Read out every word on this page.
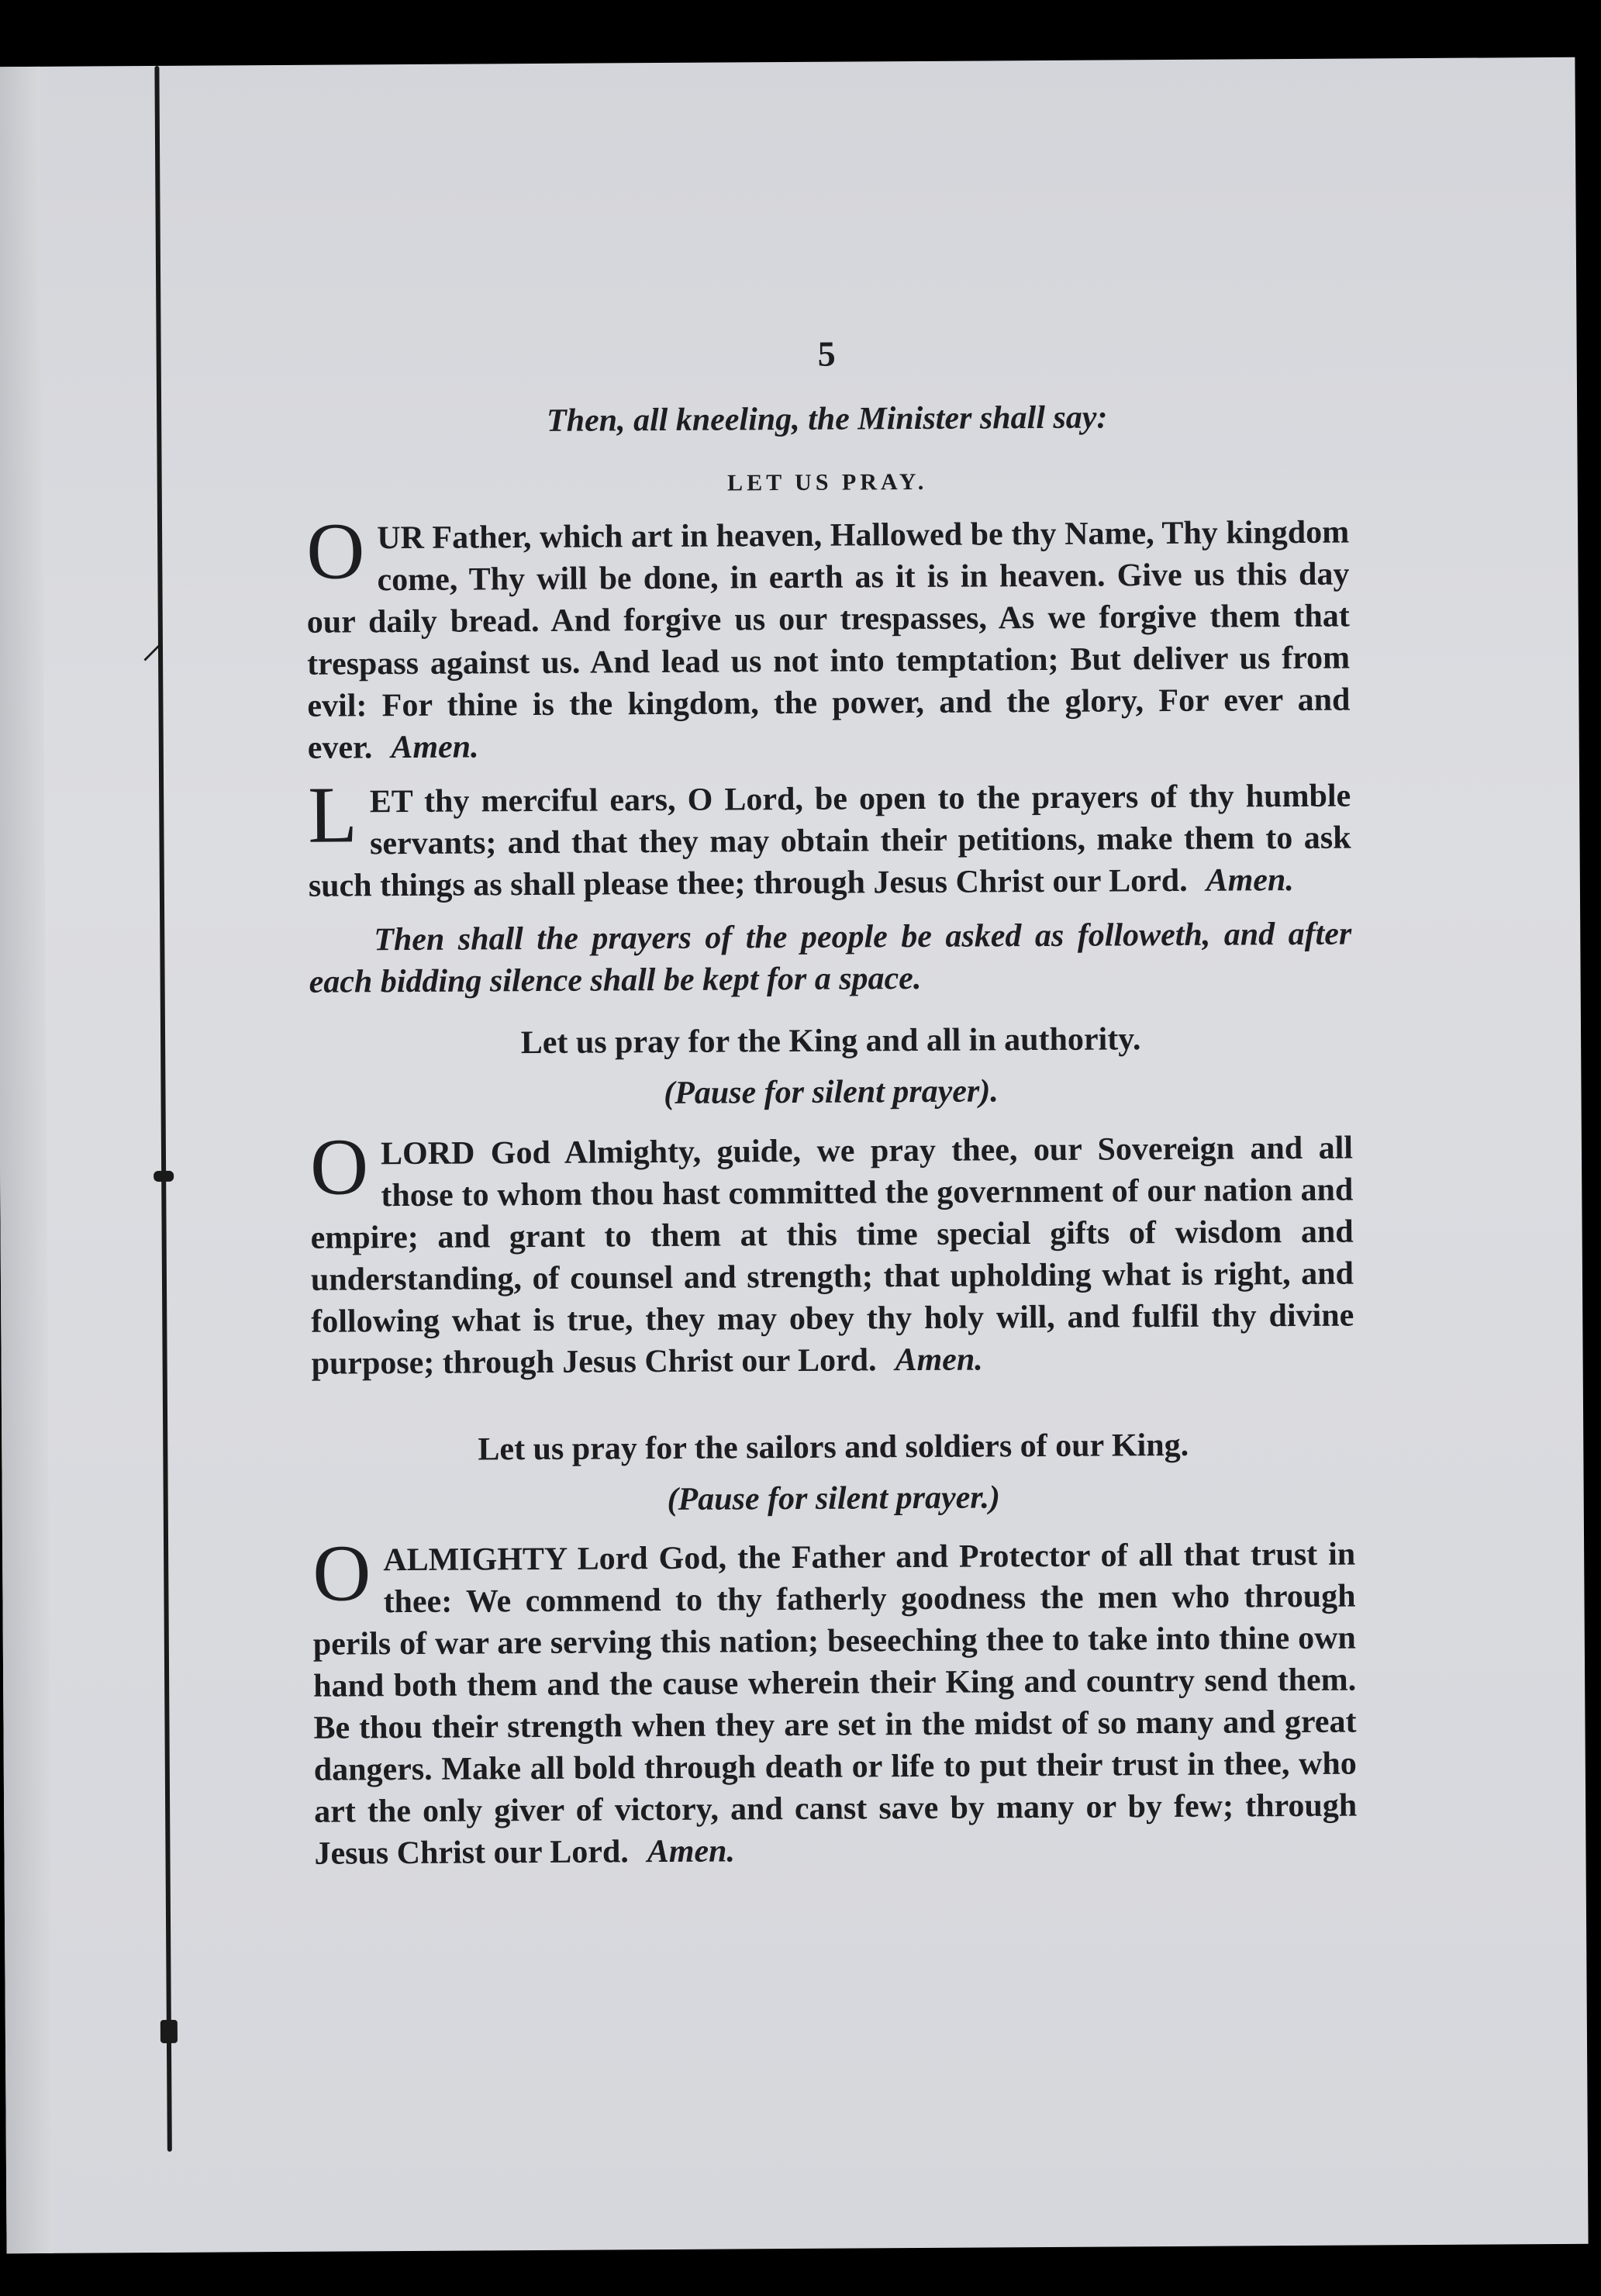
⸝
5
Then, all kneeling, the Minister shall say:
LET US PRAY.
OUR Father, which art in heaven, Hallowed be thy Name, Thy kingdom come, Thy will be done, in earth as it is in heaven. Give us this day our daily bread. And forgive us our trespasses, As we forgive them that trespass against us. And lead us not into temptation; But deliver us from evil: For thine is the kingdom, the power, and the glory, For ever and ever. Amen.
LET thy merciful ears, O Lord, be open to the prayers of thy humble servants; and that they may obtain their petitions, make them to ask such things as shall please thee; through Jesus Christ our Lord. Amen.
Then shall the prayers of the people be asked as followeth, and after each bidding silence shall be kept for a space.
Let us pray for the King and all in authority.
(Pause for silent prayer).
OLORD God Almighty, guide, we pray thee, our Sovereign and all those to whom thou hast committed the government of our nation and empire; and grant to them at this time special gifts of wisdom and understanding, of counsel and strength; that upholding what is right, and following what is true, they may obey thy holy will, and fulfil thy divine purpose; through Jesus Christ our Lord. Amen.
Let us pray for the sailors and soldiers of our King.
(Pause for silent prayer.)
OALMIGHTY Lord God, the Father and Protector of all that trust in thee: We commend to thy fatherly goodness the men who through perils of war are serving this nation; beseeching thee to take into thine own hand both them and the cause wherein their King and country send them. Be thou their strength when they are set in the midst of so many and great dangers. Make all bold through death or life to put their trust in thee, who art the only giver of victory, and canst save by many or by few; through Jesus Christ our Lord. Amen.
